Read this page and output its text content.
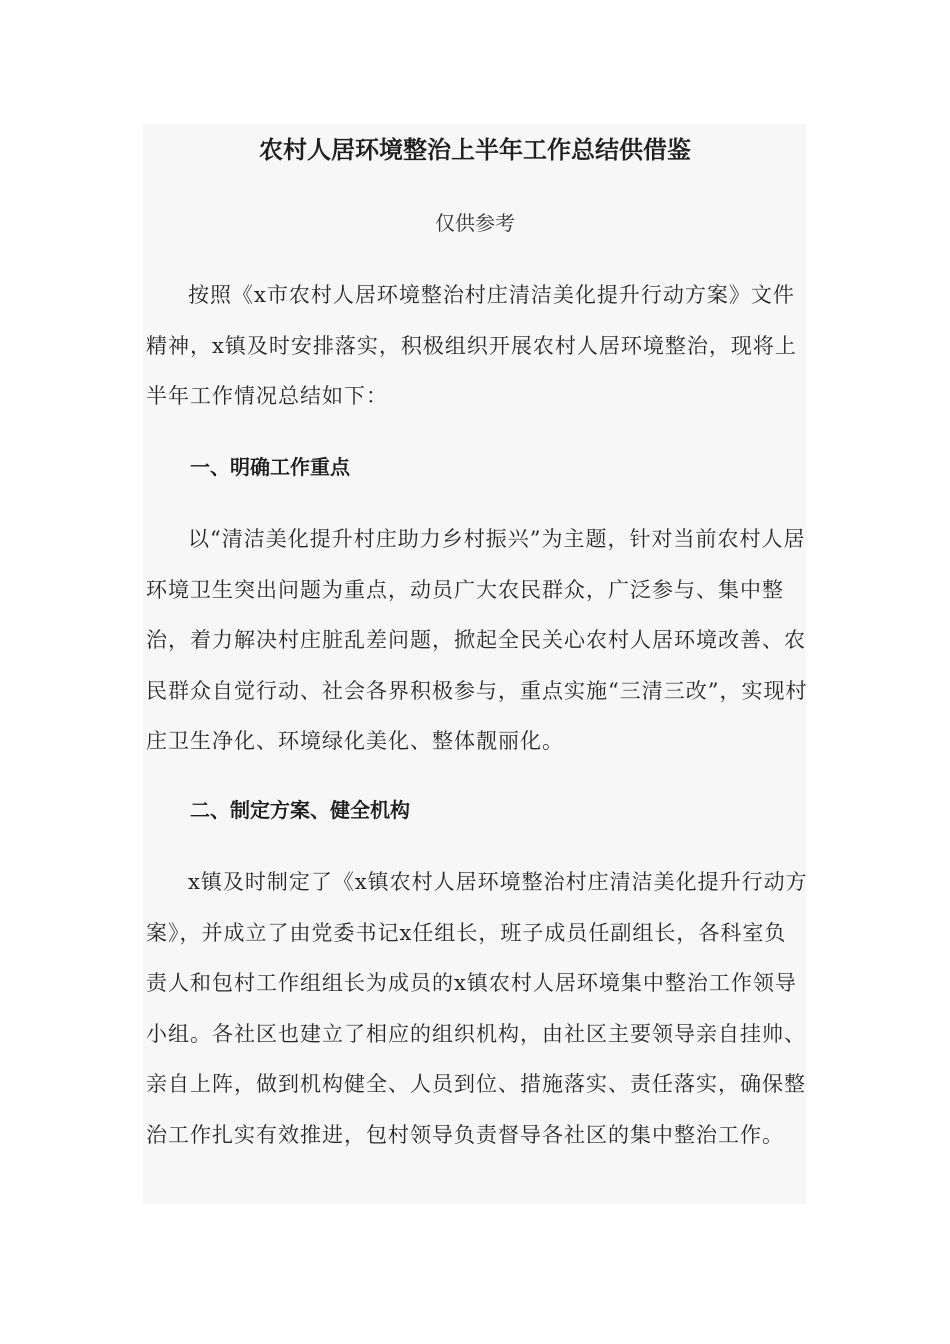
农村人居环境整治上半年工作总结供借鉴
仅供参考

按照《x市农村人居环境整治村庄清洁美化提升行动方案》文件精神，x镇及时安排落实，积极组织开展农村人居环境整治，现将上半年工作情况总结如下：

一、明确工作重点

以“清洁美化提升村庄助力乡村振兴”为主题，针对当前农村人居环境卫生突出问题为重点，动员广大农民群众，广泛参与、集中整治，着力解决村庄脏乱差问题，掀起全民关心农村人居环境改善、农民群众自觉行动、社会各界积极参与，重点实施“三清三改”，实现村庄卫生净化、环境绿化美化、整体靓丽化。

二、制定方案、健全机构

x镇及时制定了《x镇农村人居环境整治村庄清洁美化提升行动方案》，并成立了由党委书记x任组长，班子成员任副组长，各科室负责人和包村工作组组长为成员的x镇农村人居环境集中整治工作领导小组。各社区也建立了相应的组织机构，由社区主要领导亲自挂帅、亲自上阵，做到机构健全、人员到位、措施落实、责任落实，确保整治工作扎实有效推进，包村领导负责督导各社区的集中整治工作。
